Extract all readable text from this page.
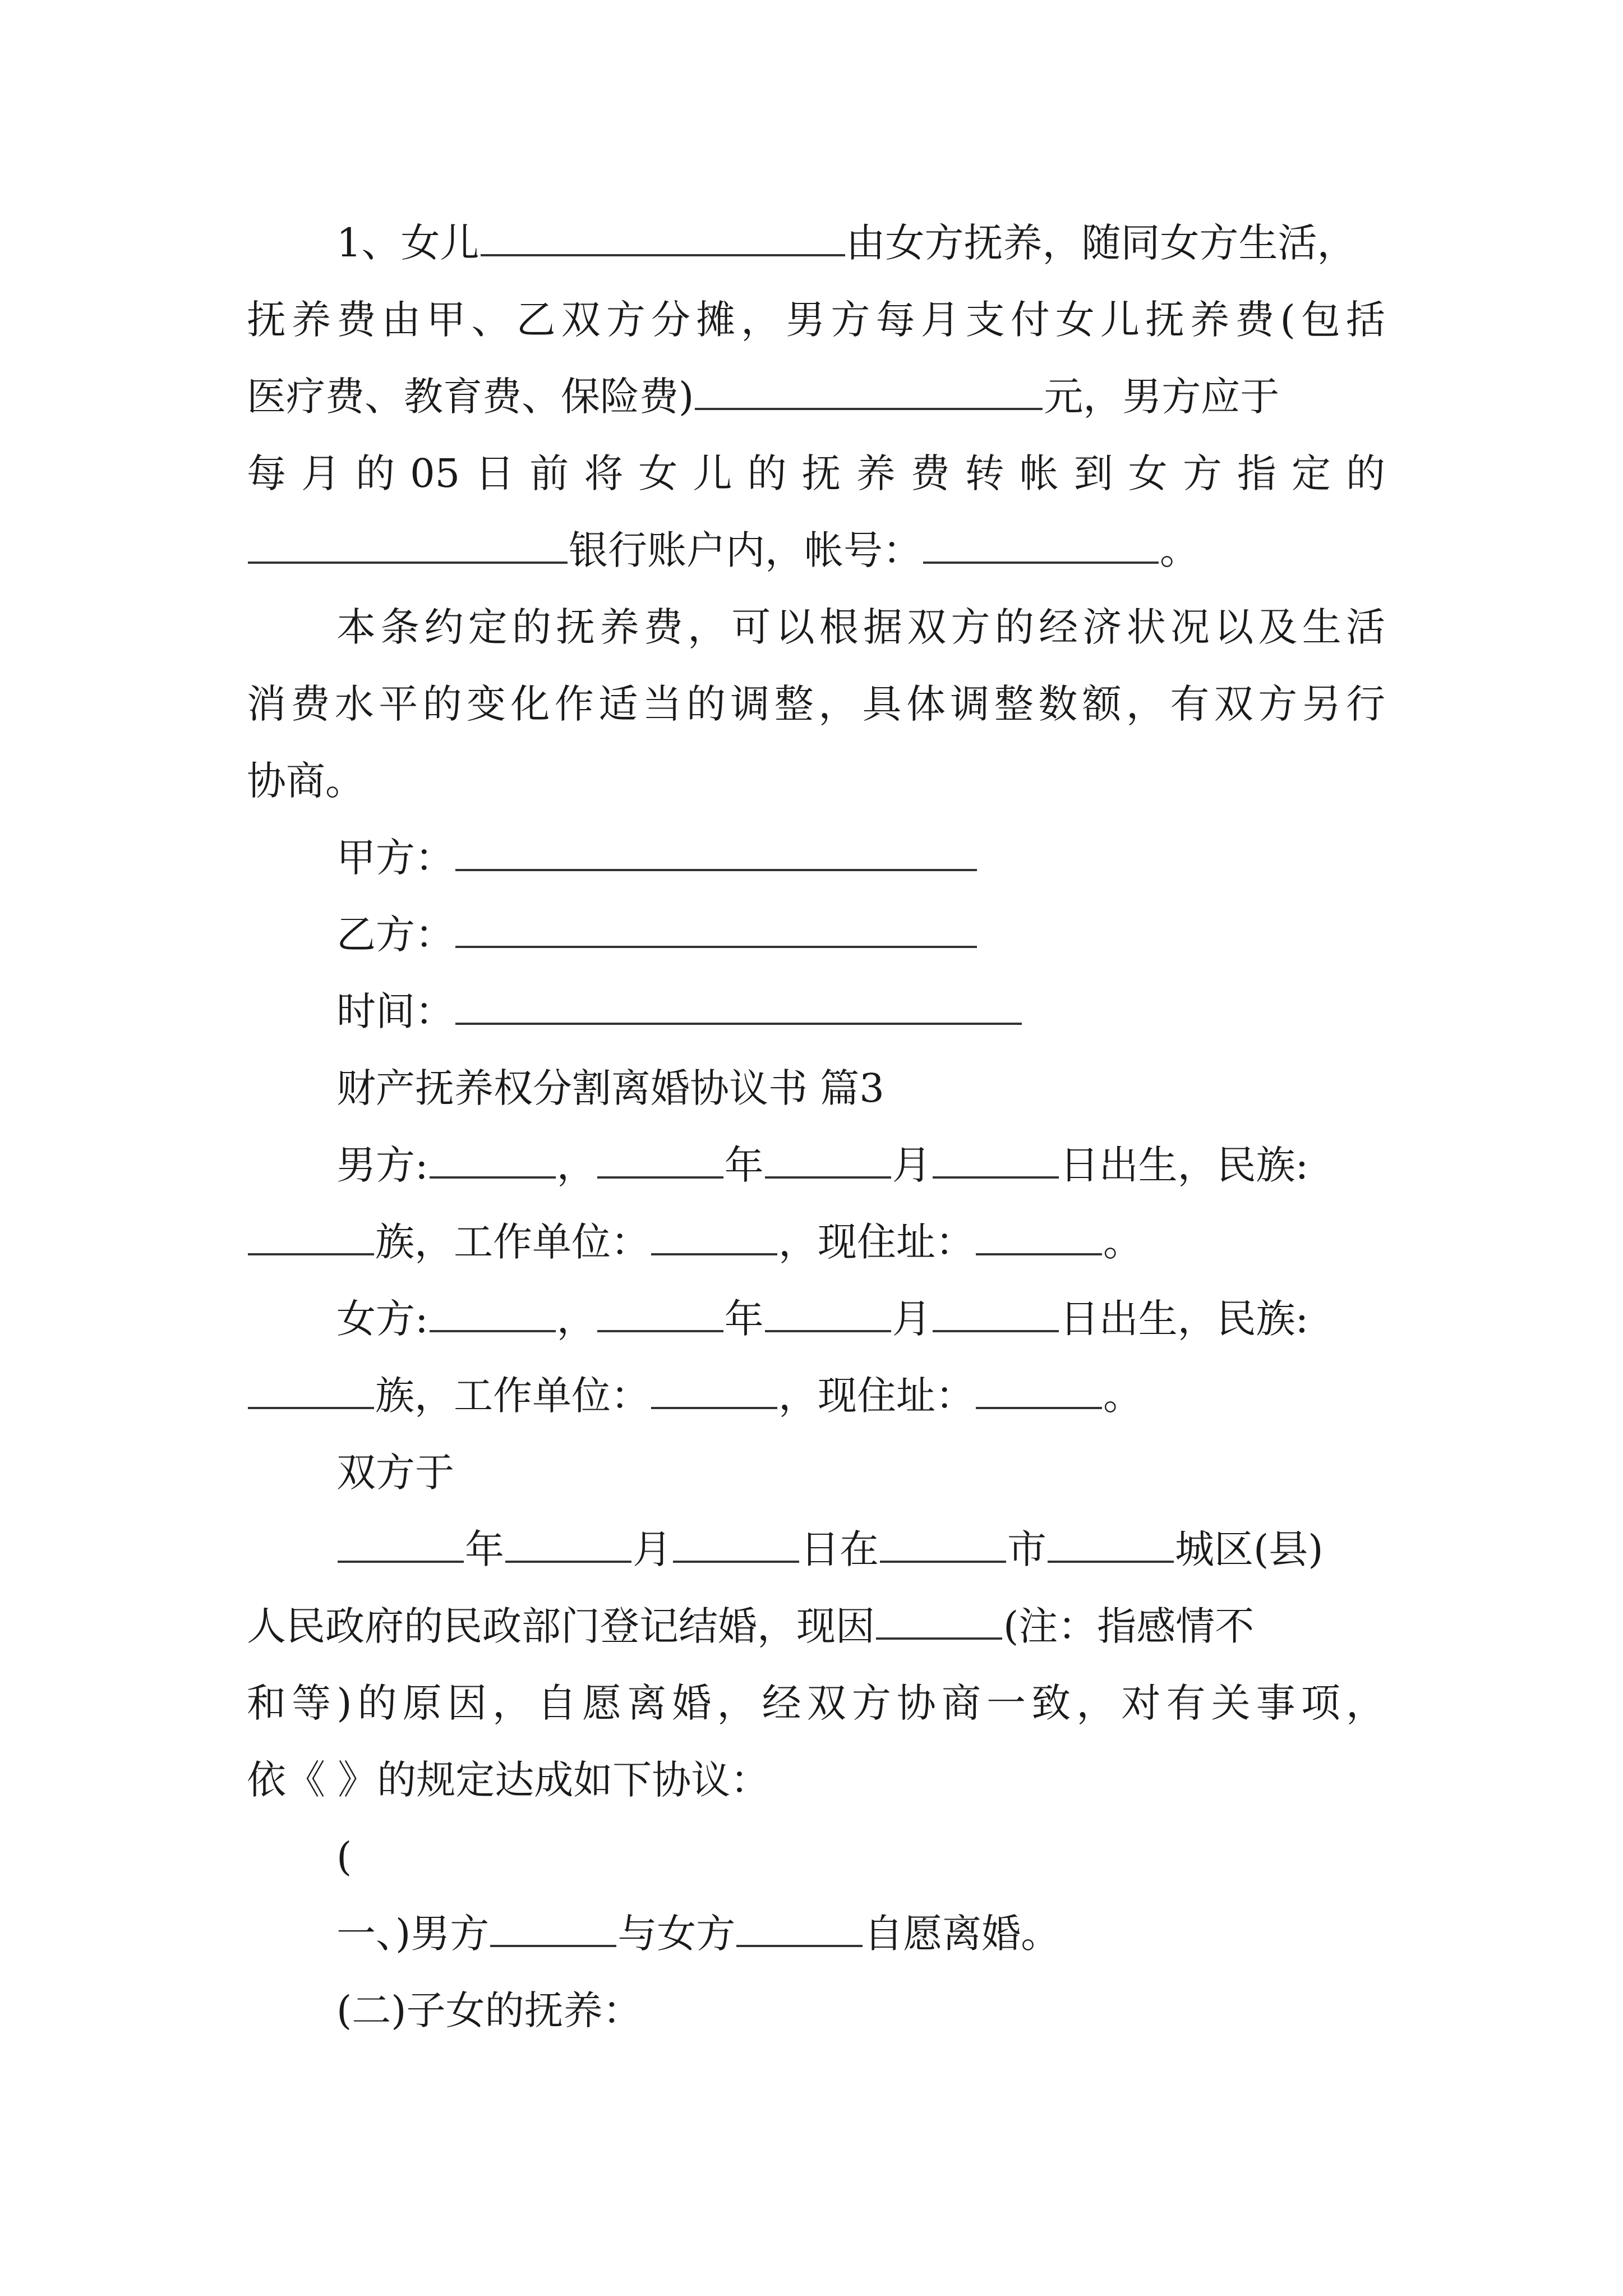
1、女儿	由女方抚养，随同女方生活，
抚养费由甲、乙双方分摊，男方每月支付女儿抚养费(包括
医疗费、教育费、保险费)	元，男方应于
每月的05日前将女儿的抚养费转帐到女方指定的
银行账户内，帐号：	。
本条约定的抚养费，可以根据双方的经济状况以及生活
消费水平的变化作适当的调整，具体调整数额，有双方另行
协商。
甲方：
乙方：
时间：
财产抚养权分割离婚协议书 篇3
男方:	，	年	月	日出生，民族:
族，工作单位：	，现住址：	。
女方:	，	年	月	日出生，民族:
族，工作单位：	，现住址：	。
双方于
年	月	日在	市	城区(县)
人民政府的民政部门登记结婚，现因	(注：指感情不
和等)的原因，自愿离婚，经双方协商一致，对有关事项，
依《 》的规定达成如下协议：
(
一、)男方	与女方	自愿离婚。
(二)子女的抚养：
